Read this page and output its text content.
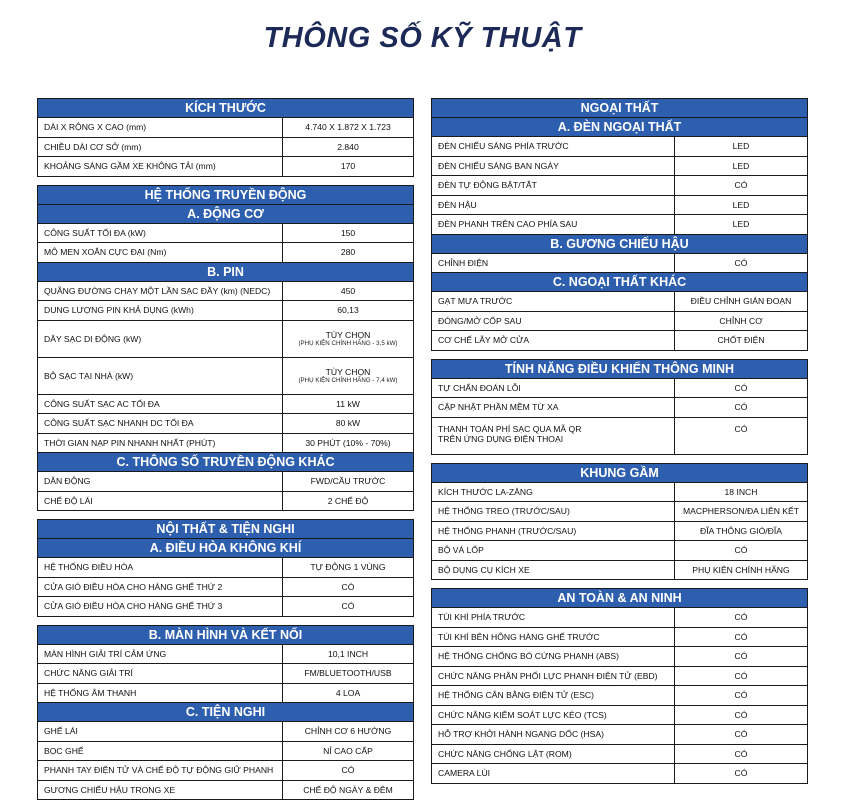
THÔNG SỐ KỸ THUẬT
KÍCH THƯỚC
DÀI X RỘNG X CAO (mm)	4.740 X 1.872 X 1.723
CHIỀU DÀI CƠ SỞ (mm)	2.840
KHOẢNG SÁNG GẦM XE KHÔNG TẢI (mm)	170
HỆ THỐNG TRUYỀN ĐỘNG
A. ĐỘNG CƠ
CÔNG SUẤT TỐI ĐA (kW)	150
MÔ MEN XOẮN CỰC ĐẠI (Nm)	280
B. PIN
QUÃNG ĐƯỜNG CHẠY MỘT LẦN SẠC ĐẦY (km) (NEDC)	450
DUNG LƯỢNG PIN KHẢ DỤNG (kWh)	60,13
DÂY SẠC DI ĐỘNG (kW)	TÙY CHỌN
(PHỤ KIỆN CHÍNH HÃNG - 3,5 kW)
BỘ SẠC TẠI NHÀ (kW)	TÙY CHỌN
(PHỤ KIỆN CHÍNH HÃNG - 7,4 kW)
CÔNG SUẤT SẠC AC TỐI ĐA	11 kW
CÔNG SUẤT SẠC NHANH DC TỐI ĐA	80 kW
THỜI GIAN NẠP PIN NHANH NHẤT (PHÚT)	30 PHÚT (10% - 70%)
C. THÔNG SỐ TRUYỀN ĐỘNG KHÁC
DẪN ĐỘNG	FWD/CẦU TRƯỚC
CHẾ ĐỘ LÁI	2 CHẾ ĐỘ
NỘI THẤT & TIỆN NGHI
A. ĐIỀU HÒA KHÔNG KHÍ
HỆ THỐNG ĐIỀU HÒA	TỰ ĐỘNG 1 VÙNG
CỬA GIÓ ĐIỀU HÒA CHO HÀNG GHẾ THỨ 2	CÓ
CỬA GIÓ ĐIỀU HÒA CHO HÀNG GHẾ THỨ 3	CÓ
B. MÀN HÌNH VÀ KẾT NỐI
MÀN HÌNH GIẢI TRÍ CẢM ỨNG	10,1 INCH
CHỨC NĂNG GIẢI TRÍ	FM/BLUETOOTH/USB
HỆ THỐNG ÂM THANH	4 LOA
C. TIỆN NGHI
GHẾ LÁI	CHỈNH CƠ 6 HƯỚNG
BỌC GHẾ	NỈ CAO CẤP
PHANH TAY ĐIỆN TỬ VÀ CHẾ ĐỘ TỰ ĐỘNG GIỮ PHANH	CÓ
GƯƠNG CHIẾU HẬU TRONG XE	CHẾ ĐỘ NGÀY & ĐÊM
NGOẠI THẤT
A. ĐÈN NGOẠI THẤT
ĐÈN CHIẾU SÁNG PHÍA TRƯỚC	LED
ĐÈN CHIẾU SÁNG BAN NGÀY	LED
ĐÈN TỰ ĐỘNG BẬT/TẮT	CÓ
ĐÈN HẬU	LED
ĐÈN PHANH TRÊN CAO PHÍA SAU	LED
B. GƯƠNG CHIẾU HẬU
CHỈNH ĐIỆN	CÓ
C. NGOẠI THẤT KHÁC
GẠT MƯA TRƯỚC	ĐIỀU CHỈNH GIÁN ĐOẠN
ĐÓNG/MỞ CỐP SAU	CHỈNH CƠ
CƠ CHẾ LẪY MỞ CỬA	CHỐT ĐIỆN
TÍNH NĂNG ĐIỀU KHIỂN THÔNG MINH
TỰ CHẨN ĐOÁN LỖI	CÓ
CẬP NHẬT PHẦN MỀM TỪ XA	CÓ
THANH TOÁN PHÍ SẠC QUA MÃ QR
TRÊN ỨNG DỤNG ĐIỆN THOẠI
CÓ
KHUNG GẦM
KÍCH THƯỚC LA-ZĂNG	18 INCH
HỆ THỐNG TREO (TRƯỚC/SAU)	MACPHERSON/ĐA LIÊN KẾT
HỆ THỐNG PHANH (TRƯỚC/SAU)	ĐĨA THÔNG GIÓ/ĐĨA
BỘ VÁ LỐP	CÓ
BỘ DỤNG CỤ KÍCH XE	PHỤ KIỆN CHÍNH HÃNG
AN TOÀN & AN NINH
TÚI KHÍ PHÍA TRƯỚC	CÓ
TÚI KHÍ BÊN HÔNG HÀNG GHẾ TRƯỚC	CÓ
HỆ THỐNG CHỐNG BÓ CỨNG PHANH (ABS)	CÓ
CHỨC NĂNG PHÂN PHỐI LỰC PHANH ĐIỆN TỬ (EBD)	CÓ
HỆ THỐNG CÂN BẰNG ĐIỆN TỬ (ESC)	CÓ
CHỨC NĂNG KIỂM SOÁT LỰC KÉO (TCS)	CÓ
HỖ TRỢ KHỞI HÀNH NGANG DỐC (HSA)	CÓ
CHỨC NĂNG CHỐNG LẬT (ROM)	CÓ
CAMERA LÙI	CÓ
